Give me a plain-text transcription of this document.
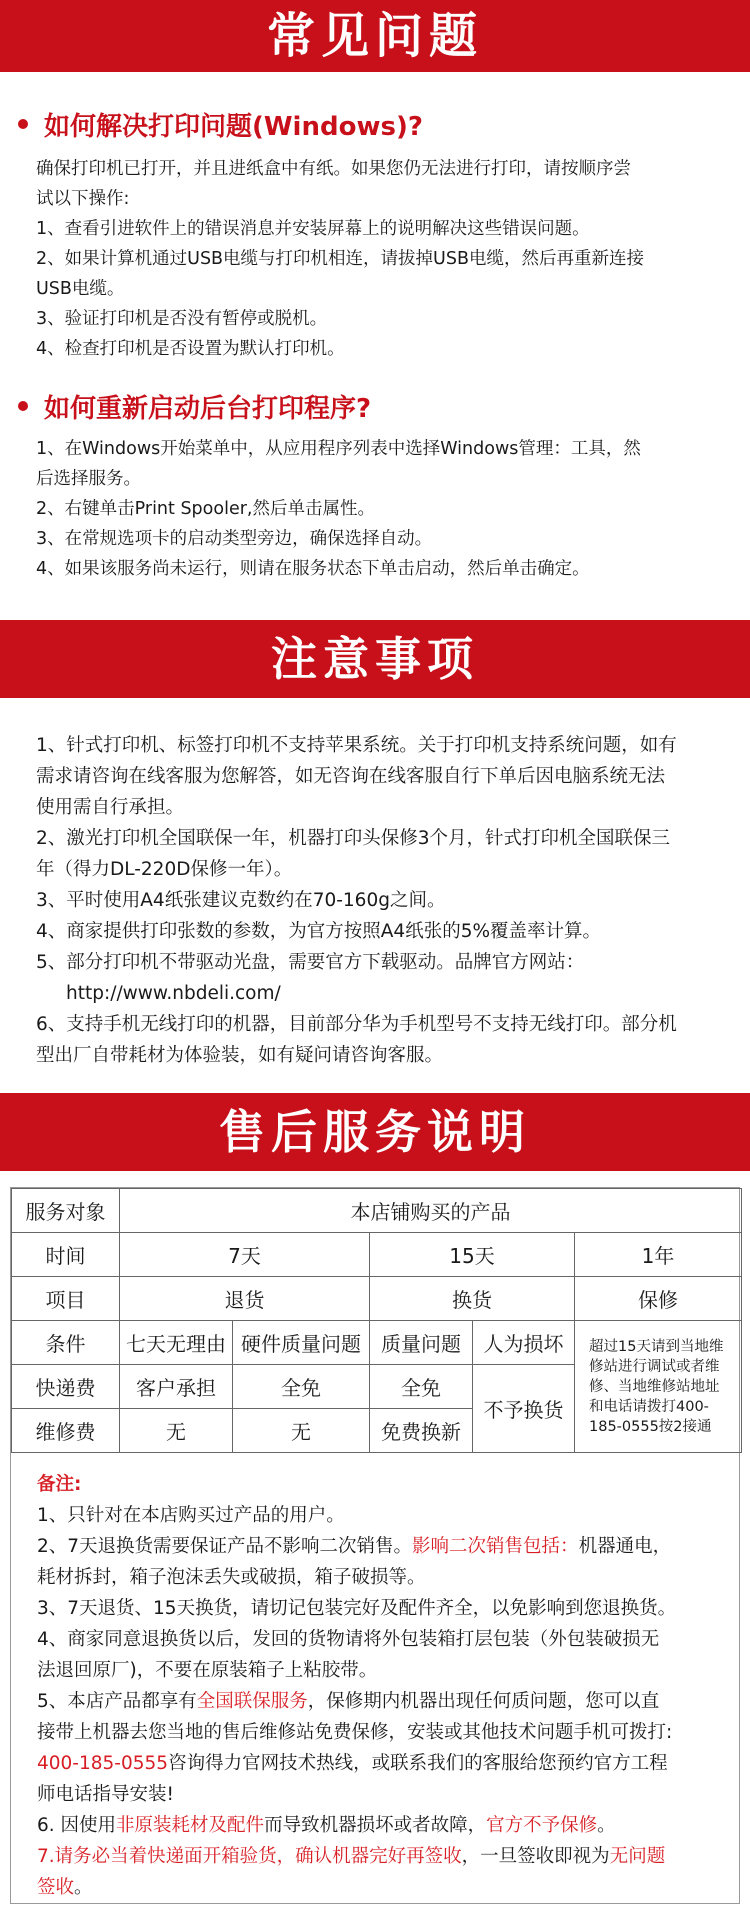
常见问题
如何解决打印问题(Windows)?

确保打印机已打开，并且进纸盒中有纸。如果您仍无法进行打印，请按顺序尝

试以下操作:

1、查看引进软件上的错误消息并安装屏幕上的说明解决这些错误问题。

2、如果计算机通过USB电缆与打印机相连，请拔掉USB电缆，然后再重新连接

USB电缆。

3、验证打印机是否没有暂停或脱机。

4、检查打印机是否设置为默认打印机。

如何重新启动后台打印程序?

1、在Windows开始菜单中，从应用程序列表中选择Windows管理：工具，然

后选择服务。

2、右键单击Print Spooler,然后单击属性。

3、在常规选项卡的启动类型旁边，确保选择自动。

4、如果该服务尚未运行，则请在服务状态下单击启动，然后单击确定。

注意事项

1、针式打印机、标签打印机不支持苹果系统。关于打印机支持系统问题，如有

需求请咨询在线客服为您解答，如无咨询在线客服自行下单后因电脑系统无法

使用需自行承担。

2、激光打印机全国联保一年，机器打印头保修3个月，针式打印机全国联保三

年（得力DL-220D保修一年）。

3、平时使用A4纸张建议克数约在70-160g之间。

4、商家提供打印张数的参数，为官方按照A4纸张的5%覆盖率计算。

5、部分打印机不带驱动光盘，需要官方下载驱动。品牌官方网站：

http://www.nbdeli.com/

6、支持手机无线打印的机器，目前部分华为手机型号不支持无线打印。部分机

型出厂自带耗材为体验装，如有疑问请咨询客服。

售后服务说明
服务对象	本店铺购买的产品				
时间	7天		15天		1年
项目	退货		换货		保修
条件	七天无理由	硬件质量问题	质量问题	人为损坏	超过15天请到当地维修站进行调试或者维修、当地维修站地址和电话请拨打400-185-0555按2接通
快递费	客户承担	全免	全免	不予换货	
维修费	无	无	免费换新		

备注:

1、只针对在本店购买过产品的用户。

2、7天退换货需要保证产品不影响二次销售。影响二次销售包括：机器通电，

耗材拆封，箱子泡沫丢失或破损，箱子破损等。

3、7天退货、15天换货，请切记包装完好及配件齐全，以免影响到您退换货。

4、商家同意退换货以后，发回的货物请将外包装箱打层包装（外包装破损无

法退回原厂)，不要在原装箱子上粘胶带。

5、本店产品都享有全国联保服务，保修期内机器出现任何质问题，您可以直

接带上机器去您当地的售后维修站免费保修，安装或其他技术问题手机可拨打:

400-185-0555咨询得力官网技术热线，或联系我们的客服给您预约官方工程

师电话指导安装!

6. 因使用非原装耗材及配件而导致机器损坏或者故障，官方不予保修。

7.请务必当着快递面开箱验货，确认机器完好再签收，一旦签收即视为无问题

签收。
